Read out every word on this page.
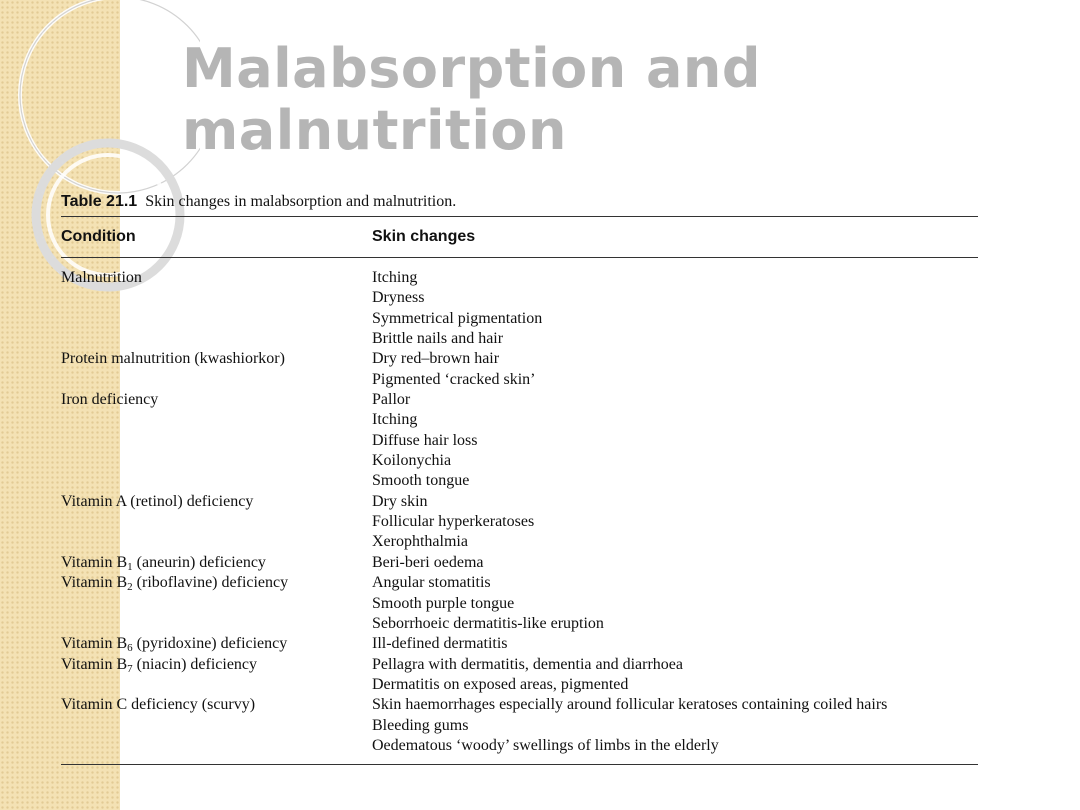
Malabsorption and
malnutrition
Table 21.1 Skin changes in malabsorption and malnutrition.
Condition	Skin changes
Malnutrition	Itching
Dryness
Symmetrical pigmentation
Brittle nails and hair
Protein malnutrition (kwashiorkor)	Dry red–brown hair
Pigmented ‘cracked skin’
Iron deficiency	Pallor
Itching
Diffuse hair loss
Koilonychia
Smooth tongue
Vitamin A (retinol) deficiency	Dry skin
Follicular hyperkeratoses
Xerophthalmia
Vitamin $B_1$ (aneurin) deficiency	Beri-beri oedema
Vitamin $B_2$ (riboflavine) deficiency	Angular stomatitis
Smooth purple tongue
Seborrhoeic dermatitis-like eruption
Vitamin $B_6$ (pyridoxine) deficiency	Ill-defined dermatitis
Vitamin $B_7$ (niacin) deficiency	Pellagra with dermatitis, dementia and diarrhoea
Dermatitis on exposed areas, pigmented
Vitamin C deficiency (scurvy)	Skin haemorrhages especially around follicular keratoses containing coiled hairs
Bleeding gums
Oedematous ‘woody’ swellings of limbs in the elderly
